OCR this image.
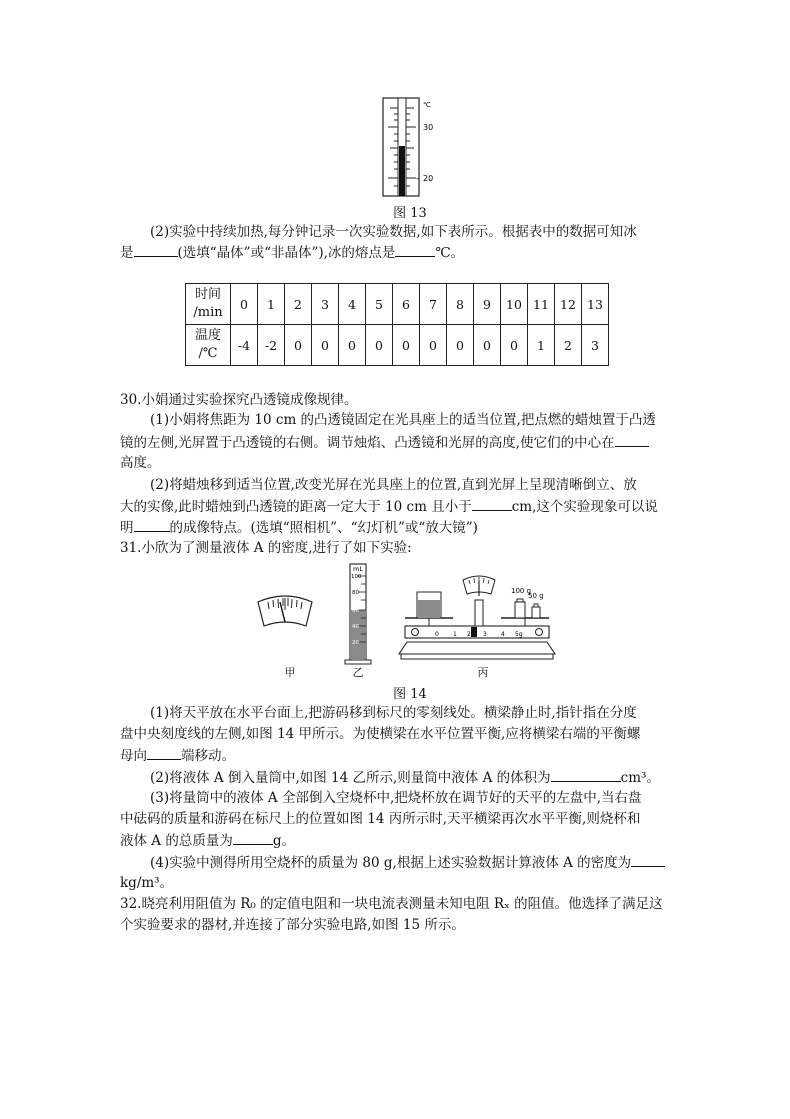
℃
30
- 20
图 13
(2)实验中持续加热,每分钟记录一次实验数据,如下表所示。根据表中的数据可知冰
是	(选填“晶体”或“非晶体”),冰的熔点是	℃。
时间
/min	0	1	2	3	4	5	6	7	8	9	10	11	12	13
温度
/℃	-4	-2	0	0	0	0	0	0	0	0	0	1	2	3
30.小娟通过实验探究凸透镜成像规律。
(1)小娟将焦距为 10 cm 的凸透镜固定在光具座上的适当位置,把点燃的蜡烛置于凸透
镜的左侧,光屏置于凸透镜的右侧。调节烛焰、凸透镜和光屏的高度,使它们的中心在
高度。
(2)将蜡烛移到适当位置,改变光屏在光具座上的位置,直到光屏上呈现清晰倒立、放
大的实像,此时蜡烛到凸透镜的距离一定大于 10 cm 且小于	cm,这个实验现象可以说
明	的成像特点。(选填“照相机”、“幻灯机”或“放大镜”)
31.小欣为了测量液体 A 的密度,进行了如下实验:
mL
100
80
60
40
20
100 g
50 g
0 1 2 3 4 5g
甲	乙	丙
图 14
(1)将天平放在水平台面上,把游码移到标尺的零刻线处。横梁静止时,指针指在分度
盘中央刻度线的左侧,如图 14 甲所示。为使横梁在水平位置平衡,应将横梁右端的平衡螺
母向	端移动。
(2)将液体 A 倒入量筒中,如图 14 乙所示,则量筒中液体 A 的体积为	cm³。
(3)将量筒中的液体 A 全部倒入空烧杯中,把烧杯放在调节好的天平的左盘中,当右盘
中砝码的质量和游码在标尺上的位置如图 14 丙所示时,天平横梁再次水平平衡,则烧杯和
液体 A 的总质量为	g。
(4)实验中测得所用空烧杯的质量为 80 g,根据上述实验数据计算液体 A 的密度为
kg/m³。
32.晓亮利用阻值为 R₀ 的定值电阻和一块电流表测量未知电阻 Rₓ 的阻值。他选择了满足这
个实验要求的器材,并连接了部分实验电路,如图 15 所示。
